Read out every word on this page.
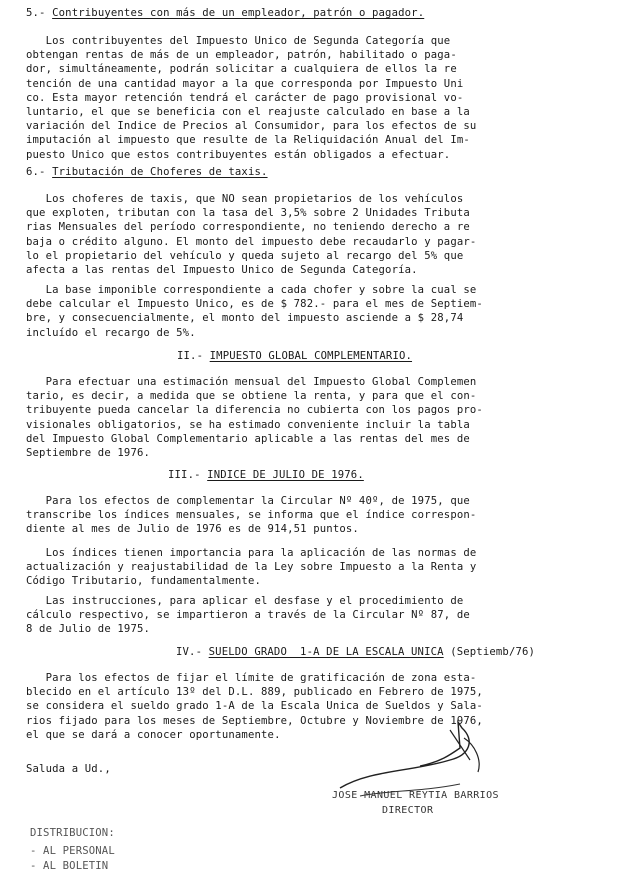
5.- Contribuyentes con más de un empleador, patrón o pagador.
Los contribuyentes del Impuesto Unico de Segunda Categoría que
obtengan rentas de más de un empleador, patrón, habilitado o paga-
dor, simultáneamente, podrán solicitar a cualquiera de ellos la re
tención de una cantidad mayor a la que corresponda por Impuesto Uni
co. Esta mayor retención tendrá el carácter de pago provisional vo-
luntario, el que se beneficia con el reajuste calculado en base a la
variación del Indice de Precios al Consumidor, para los efectos de su
imputación al impuesto que resulte de la Reliquidación Anual del Im-
puesto Unico que estos contribuyentes están obligados a efectuar.
6.- Tributación de Choferes de taxis.
Los choferes de taxis, que NO sean propietarios de los vehículos
que exploten, tributan con la tasa del 3,5% sobre 2 Unidades Tributa
rias Mensuales del período correspondiente, no teniendo derecho a re
baja o crédito alguno. El monto del impuesto debe recaudarlo y pagar-
lo el propietario del vehículo y queda sujeto al recargo del 5% que
afecta a las rentas del Impuesto Unico de Segunda Categoría.
La base imponible correspondiente a cada chofer y sobre la cual se
debe calcular el Impuesto Unico, es de $ 782.- para el mes de Septiem-
bre, y consecuencialmente, el monto del impuesto asciende a $ 28,74
incluído el recargo de 5%.
II.- IMPUESTO GLOBAL COMPLEMENTARIO.
Para efectuar una estimación mensual del Impuesto Global Complemen
tario, es decir, a medida que se obtiene la renta, y para que el con-
tribuyente pueda cancelar la diferencia no cubierta con los pagos pro-
visionales obligatorios, se ha estimado conveniente incluir la tabla
del Impuesto Global Complementario aplicable a las rentas del mes de
Septiembre de 1976.
III.- INDICE DE JULIO DE 1976.
Para los efectos de complementar la Circular Nº 40º, de 1975, que
transcribe los índices mensuales, se informa que el índice correspon-
diente al mes de Julio de 1976 es de 914,51 puntos.
Los índices tienen importancia para la aplicación de las normas de
actualización y reajustabilidad de la Ley sobre Impuesto a la Renta y
Código Tributario, fundamentalmente.
Las instrucciones, para aplicar el desfase y el procedimiento de
cálculo respectivo, se impartieron a través de la Circular Nº 87, de
8 de Julio de 1975.
IV.- SUELDO GRADO  1-A DE LA ESCALA UNICA (Septiemb/76)
Para los efectos de fijar el límite de gratificación de zona esta-
blecido en el artículo 13º del D.L. 889, publicado en Febrero de 1975,
se considera el sueldo grado 1-A de la Escala Unica de Sueldos y Sala-
rios fijado para los meses de Septiembre, Octubre y Noviembre de 1976,
el que se dará a conocer oportunamente.
Saluda a Ud.,
JOSE MANUEL REYTIA BARRIOS
DIRECTOR
DISTRIBUCION:
- AL PERSONAL
- AL BOLETIN
